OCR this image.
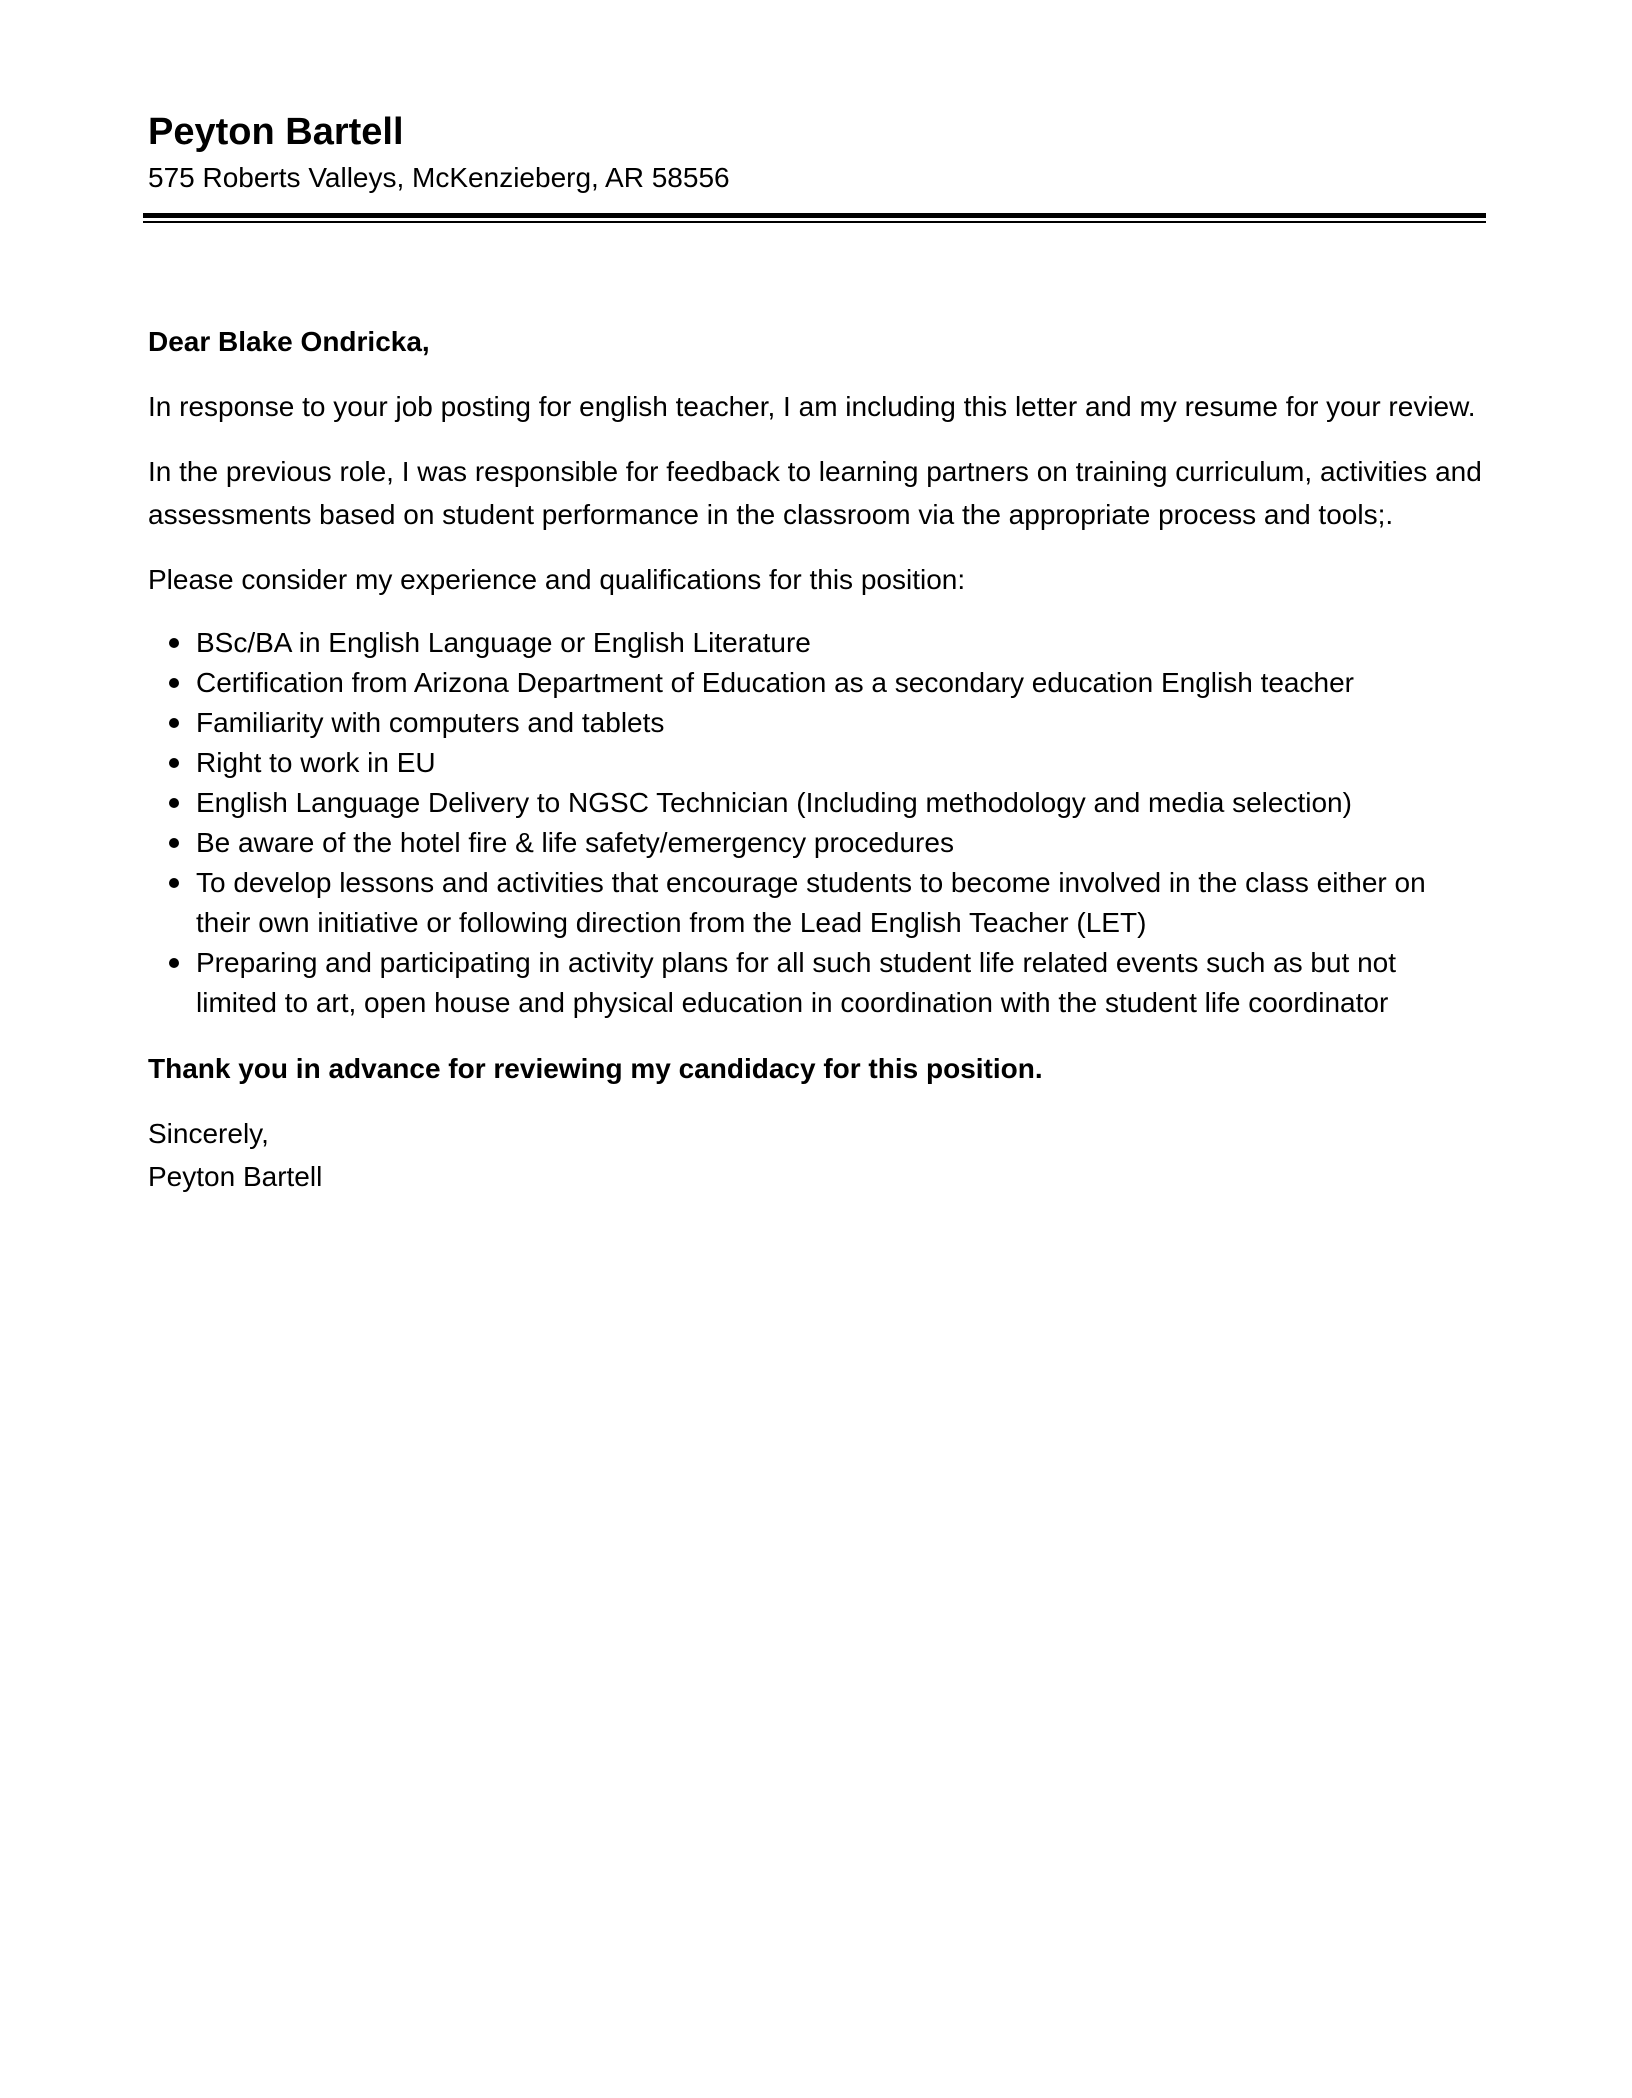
Peyton Bartell

575 Roberts Valleys, McKenzieberg, AR 58556

Dear Blake Ondricka,

In response to your job posting for english teacher, I am including this letter and my resume for your review.

In the previous role, I was responsible for feedback to learning partners on training curriculum, activities and assessments based on student performance in the classroom via the appropriate process and tools;.

Please consider my experience and qualifications for this position:

BSc/BA in English Language or English Literature
Certification from Arizona Department of Education as a secondary education English teacher
Familiarity with computers and tablets
Right to work in EU
English Language Delivery to NGSC Technician (Including methodology and media selection)
Be aware of the hotel fire & life safety/emergency procedures
To develop lessons and activities that encourage students to become involved in the class either on their own initiative or following direction from the Lead English Teacher (LET)
Preparing and participating in activity plans for all such student life related events such as but not limited to art, open house and physical education in coordination with the student life coordinator

Thank you in advance for reviewing my candidacy for this position.

Sincerely,

Peyton Bartell
